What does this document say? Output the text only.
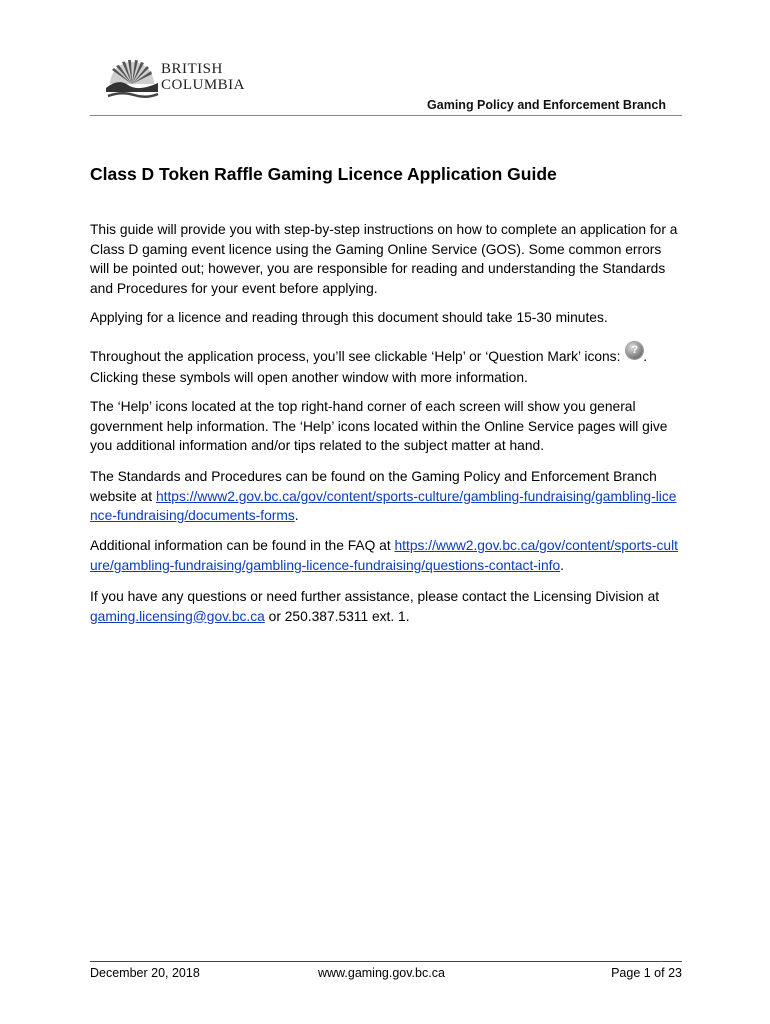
BRITISH
COLUMBIA
Gaming Policy and Enforcement Branch
Class D Token Raffle Gaming Licence Application Guide

This guide will provide you with step-by-step instructions on how to complete an application for a Class D gaming event licence using the Gaming Online Service (GOS). Some common errors will be pointed out; however, you are responsible for reading and understanding the Standards and Procedures for your event before applying.

Applying for a licence and reading through this document should take 15-30 minutes.

Throughout the application process, you’ll see clickable ‘Help’ or ‘Question Mark’ icons: ? .
Clicking these symbols will open another window with more information.

The ‘Help’ icons located at the top right-hand corner of each screen will show you general government help information. The ‘Help’ icons located within the Online Service pages will give you additional information and/or tips related to the subject matter at hand.

The Standards and Procedures can be found on the Gaming Policy and Enforcement Branch website at https://www2.gov.bc.ca/gov/content/sports-culture/gambling-fundraising/gambling-licence-fundraising/documents-forms.

Additional information can be found in the FAQ at https://www2.gov.bc.ca/gov/content/sports-culture/gambling-fundraising/gambling-licence-fundraising/questions-contact-info.

If you have any questions or need further assistance, please contact the Licensing Division at gaming.licensing@gov.bc.ca or 250.387.5311 ext. 1.

December 20, 2018	www.gaming.gov.bc.ca	Page 1 of 23
